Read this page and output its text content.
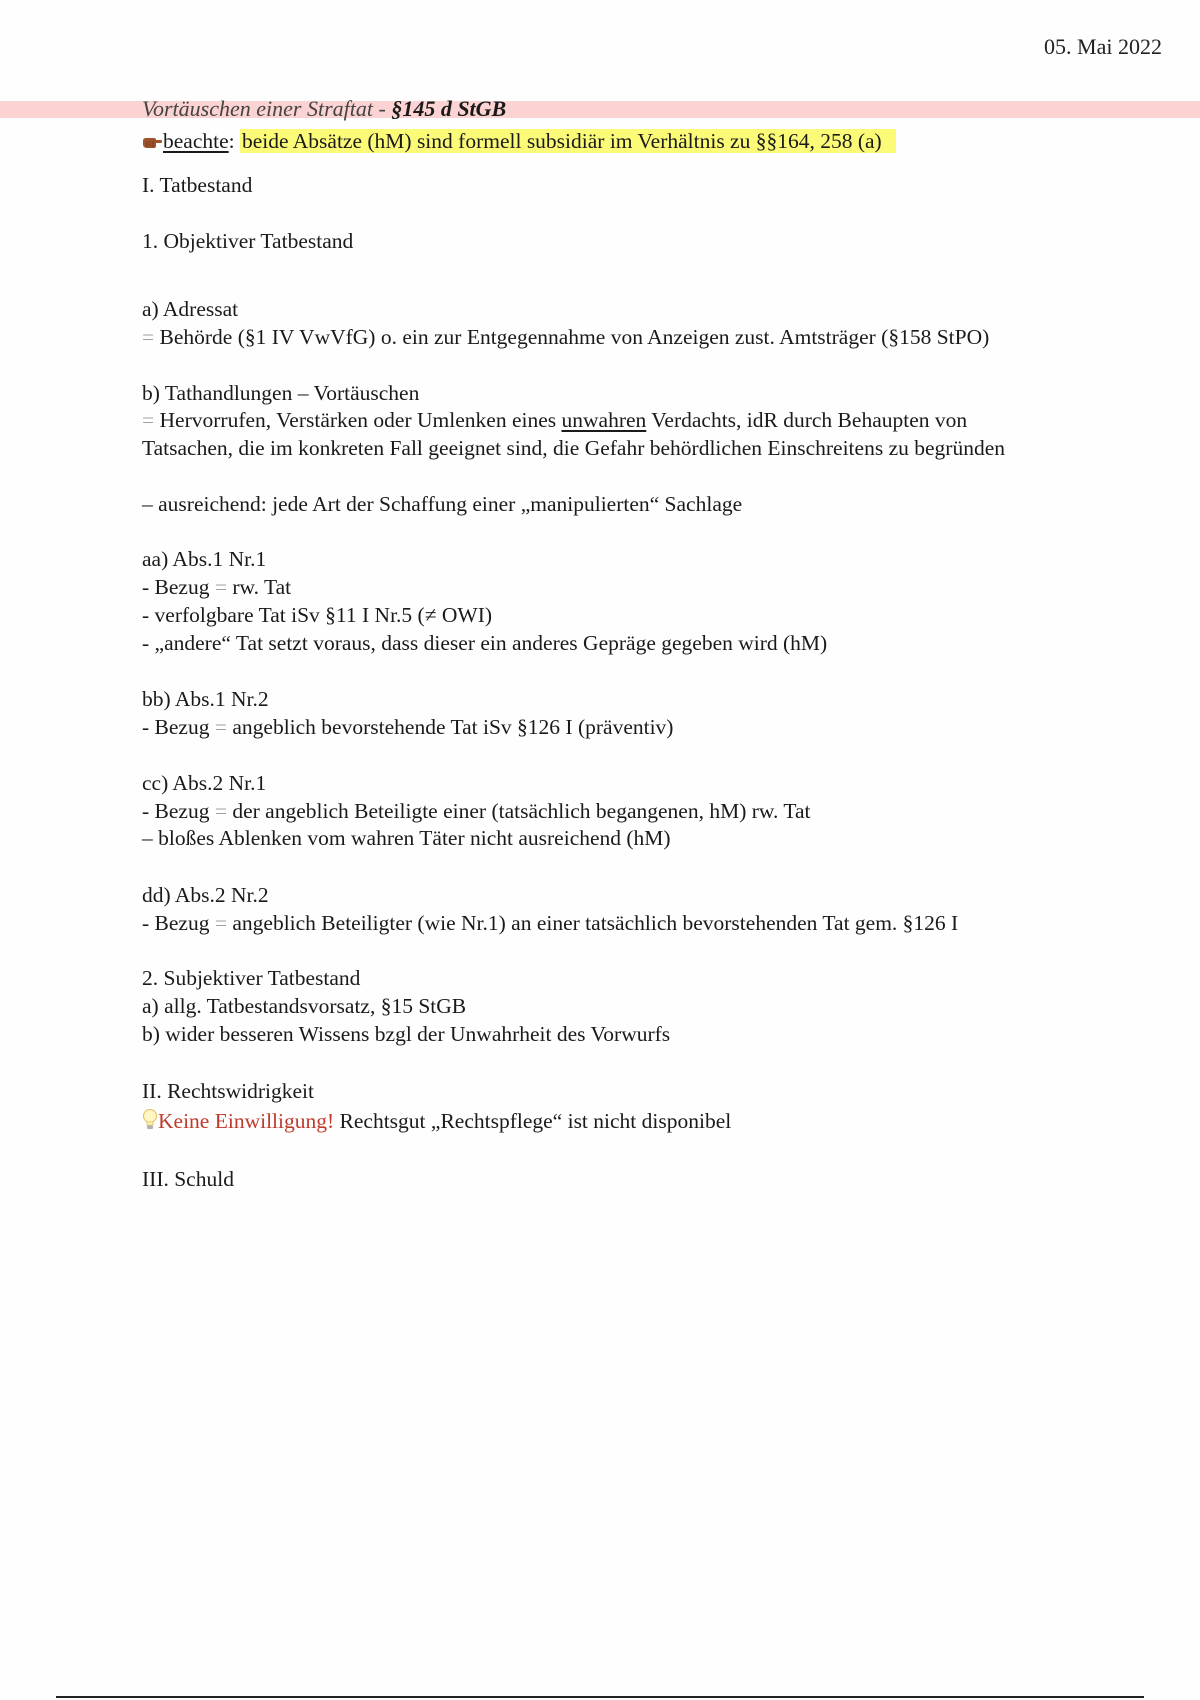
05. Mai 2022
Vortäuschen einer Straftat - §145 d StGB
beachte: beide Absätze (hM) sind formell subsidiär im Verhältnis zu §§164, 258 (a)
I. Tatbestand
1. Objektiver Tatbestand
a) Adressat
= Behörde (§1 IV VwVfG) o. ein zur Entgegennahme von Anzeigen zust. Amtsträger (§158 StPO)
b) Tathandlungen – Vortäuschen
= Hervorrufen, Verstärken oder Umlenken eines unwahren Verdachts, idR durch Behaupten von
Tatsachen, die im konkreten Fall geeignet sind, die Gefahr behördlichen Einschreitens zu begründen
– ausreichend: jede Art der Schaffung einer „manipulierten“ Sachlage
aa) Abs.1 Nr.1
- Bezug = rw. Tat
- verfolgbare Tat iSv §11 I Nr.5 (≠ OWI)
- „andere“ Tat setzt voraus, dass dieser ein anderes Gepräge gegeben wird (hM)
bb) Abs.1 Nr.2
- Bezug = angeblich bevorstehende Tat iSv §126 I (präventiv)
cc) Abs.2 Nr.1
- Bezug = der angeblich Beteiligte einer (tatsächlich begangenen, hM) rw. Tat
– bloßes Ablenken vom wahren Täter nicht ausreichend (hM)
dd) Abs.2 Nr.2
- Bezug = angeblich Beteiligter (wie Nr.1) an einer tatsächlich bevorstehenden Tat gem. §126 I
2. Subjektiver Tatbestand
a) allg. Tatbestandsvorsatz, §15 StGB
b) wider besseren Wissens bzgl der Unwahrheit des Vorwurfs
II. Rechtswidrigkeit
Keine Einwilligung! Rechtsgut „Rechtspflege“ ist nicht disponibel
III. Schuld
